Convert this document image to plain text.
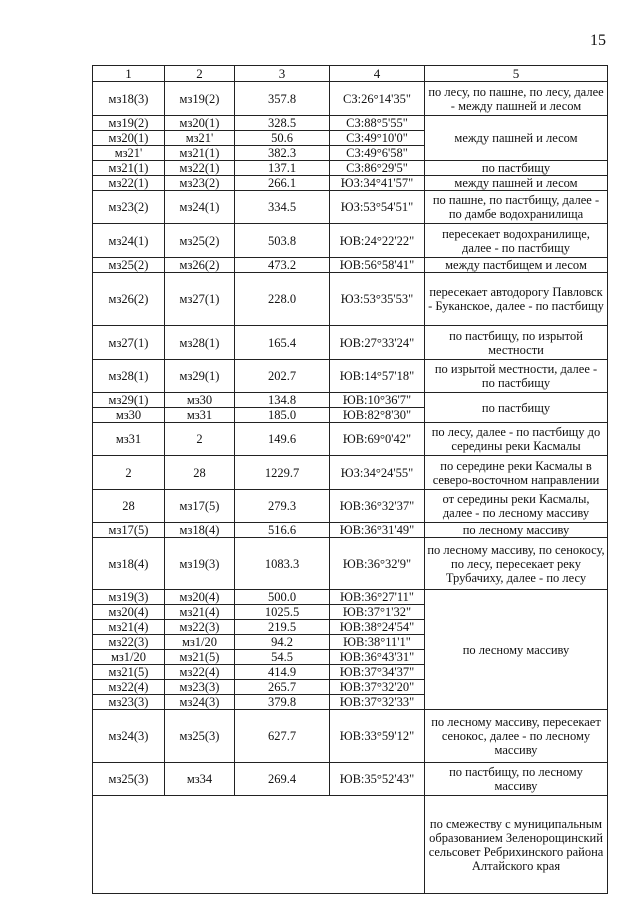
15
1	2	3	4	5
мз18(3)	мз19(2)	357.8	СЗ:26°14'35"	по лесу, по пашне, по лесу, далее - между пашней и лесом
мз19(2)	мз20(1)	328.5	СЗ:88°5'55"	между пашней и лесом
мз20(1)	мз21'	50.6	СЗ:49°10'0"	
мз21'	мз21(1)	382.3	СЗ:49°6'58"	
мз21(1)	мз22(1)	137.1	СЗ:86°29'5"	по пастбищу
мз22(1)	мз23(2)	266.1	ЮЗ:34°41'57"	между пашней и лесом
мз23(2)	мз24(1)	334.5	ЮЗ:53°54'51"	по пашне, по пастбищу, далее - по дамбе водохранилища
мз24(1)	мз25(2)	503.8	ЮВ:24°22'22"	пересекает водохранилище, далее - по пастбищу
мз25(2)	мз26(2)	473.2	ЮВ:56°58'41"	между пастбищем и лесом
мз26(2)	мз27(1)	228.0	ЮЗ:53°35'53"	пересекает автодорогу Павловск - Буканское, далее - по пастбищу
мз27(1)	мз28(1)	165.4	ЮВ:27°33'24"	по пастбищу, по изрытой местности
мз28(1)	мз29(1)	202.7	ЮВ:14°57'18"	по изрытой местности, далее - по пастбищу
мз29(1)	мз30	134.8	ЮВ:10°36'7"	по пастбищу
мз30	мз31	185.0	ЮВ:82°8'30"	
мз31	2	149.6	ЮВ:69°0'42"	по лесу, далее - по пастбищу до середины реки Касмалы
2	28	1229.7	ЮЗ:34°24'55"	по середине реки Касмалы в северо-восточном направлении
28	мз17(5)	279.3	ЮВ:36°32'37"	от середины реки Касмалы, далее - по лесному массиву
мз17(5)	мз18(4)	516.6	ЮВ:36°31'49"	по лесному массиву
мз18(4)	мз19(3)	1083.3	ЮВ:36°32'9"	по лесному массиву, по сенокосу, по лесу, пересекает реку Трубачиху, далее - по лесу
мз19(3)	мз20(4)	500.0	ЮВ:36°27'11"	по лесному массиву
мз20(4)	мз21(4)	1025.5	ЮВ:37°1'32"	
мз21(4)	мз22(3)	219.5	ЮВ:38°24'54"	
мз22(3)	мз1/20	94.2	ЮВ:38°11'1"	
мз1/20	мз21(5)	54.5	ЮВ:36°43'31"	
мз21(5)	мз22(4)	414.9	ЮВ:37°34'37"	
мз22(4)	мз23(3)	265.7	ЮВ:37°32'20"	
мз23(3)	мз24(3)	379.8	ЮВ:37°32'33"	
мз24(3)	мз25(3)	627.7	ЮВ:33°59'12"	по лесному массиву, пересекает сенокос, далее - по лесному массиву
мз25(3)	мз34	269.4	ЮВ:35°52'43"	по пастбищу, по лесному массиву
				по смежеству с муниципальным образованием Зеленорощинский сельсовет Ребрихинского района Алтайского края
